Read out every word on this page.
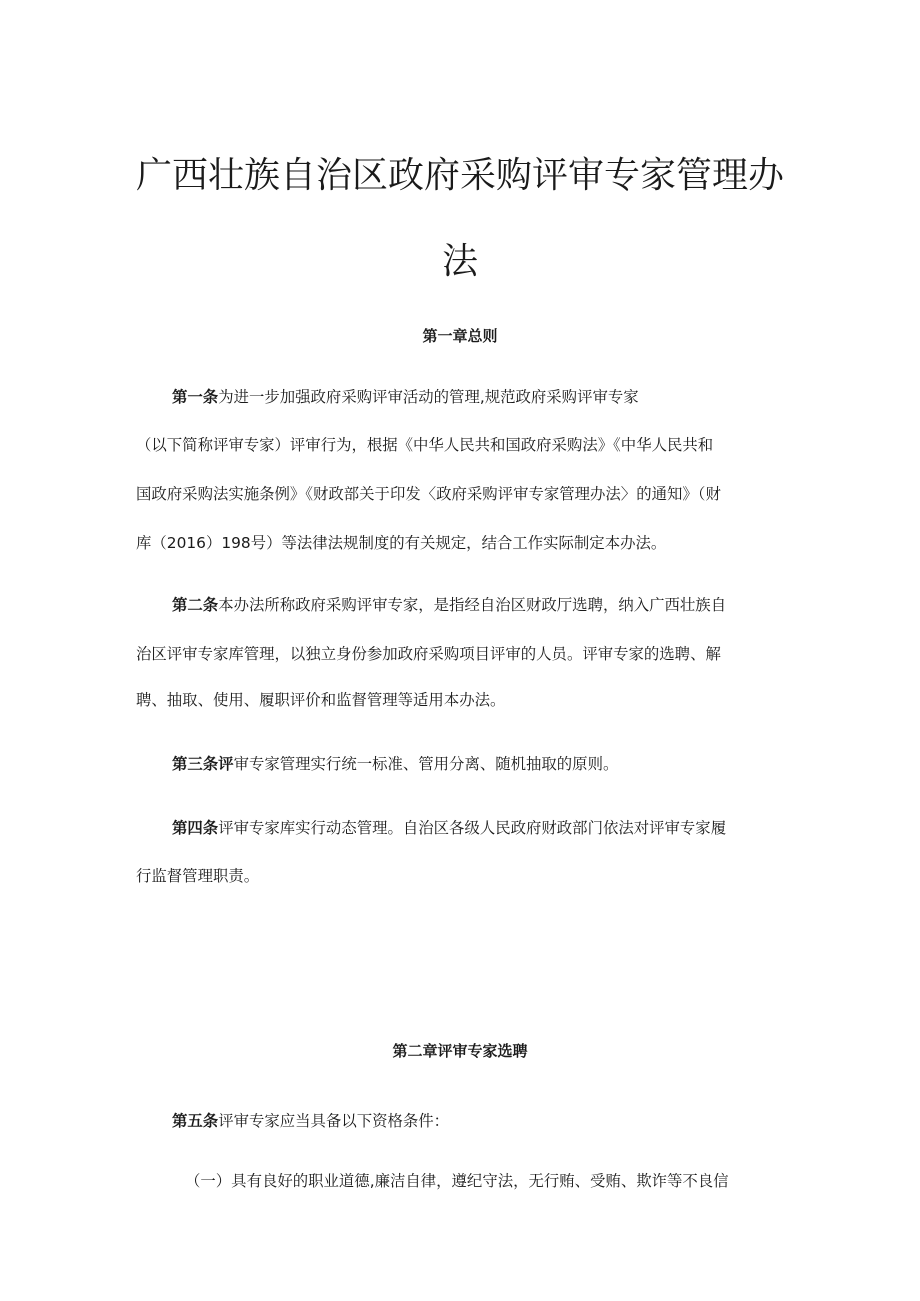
广西壮族自治区政府采购评审专家管理办
法
第一章总则
第一条为进一步加强政府采购评审活动的管理,规范政府采购评审专家
（以下简称评审专家）评审行为，根据《中华人民共和国政府采购法》《中华人民共和
国政府采购法实施条例》《财政部关于印发〈政府采购评审专家管理办法〉的通知》（财
库（2016）198号）等法律法规制度的有关规定，结合工作实际制定本办法。
第二条本办法所称政府采购评审专家，是指经自治区财政厅选聘，纳入广西壮族自
治区评审专家库管理，以独立身份参加政府采购项目评审的人员。评审专家的选聘、解
聘、抽取、使用、履职评价和监督管理等适用本办法。
第三条评审专家管理实行统一标准、管用分离、随机抽取的原则。
第四条评审专家库实行动态管理。自治区各级人民政府财政部门依法对评审专家履
行监督管理职责。
第二章评审专家选聘
第五条评审专家应当具备以下资格条件：
（一）具有良好的职业道德,廉洁自律，遵纪守法，无行贿、受贿、欺诈等不良信
